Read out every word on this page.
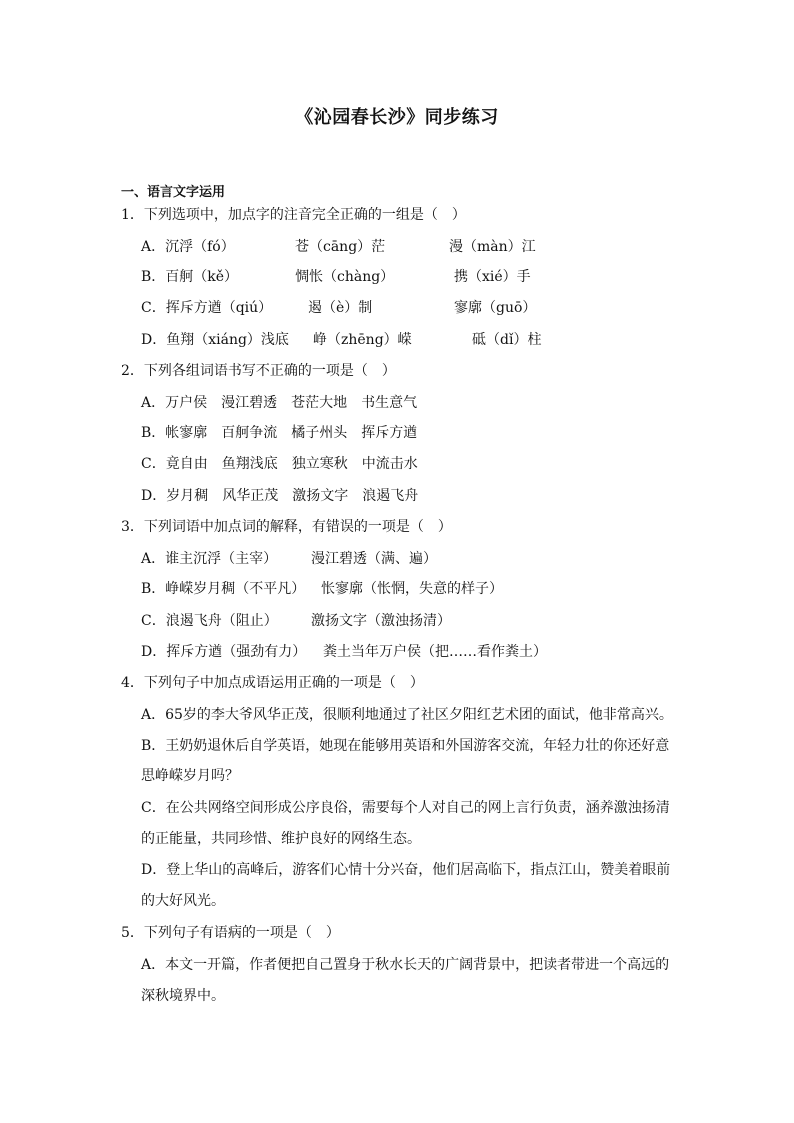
《沁园春长沙》同步练习
一、语言文字运用
1．下列选项中，加点字的注音完全正确的一组是（　）
A．沉浮（fó）	苍（cāng）茫	漫（màn）江
B．百舸（kě）	惆怅（chàng）	携（xié）手
C．挥斥方遒（qiú）	遏（è）制	寥廓（guō）
D．鱼翔（xiáng）浅底 峥（zhēng）嵘	砥（dǐ）柱
2．下列各组词语书写不正确的一项是（　）
A．万户侯　漫江碧透　苍茫大地　书生意气
B．帐寥廓　百舸争流　橘子州头　挥斥方遒
C．竟自由　鱼翔浅底　独立寒秋　中流击水
D．岁月稠　风华正茂　激扬文字　浪遏飞舟
3．下列词语中加点词的解释，有错误的一项是（　）
A．谁主沉浮（主宰） 漫江碧透（满、遍）
B．峥嵘岁月稠（不平凡） 怅寥廓（怅惘，失意的样子）
C．浪遏飞舟（阻止） 激扬文字（激浊扬清）
D．挥斥方遒（强劲有力） 粪土当年万户侯（把……看作粪土）
4．下列句子中加点成语运用正确的一项是（　）
A．65岁的李大爷风华正茂，很顺利地通过了社区夕阳红艺术团的面试，他非常高兴。
B．王奶奶退休后自学英语，她现在能够用英语和外国游客交流，年轻力壮的你还好意
思峥嵘岁月吗？
C．在公共网络空间形成公序良俗，需要每个人对自己的网上言行负责，涵养激浊扬清
的正能量，共同珍惜、维护良好的网络生态。
D．登上华山的高峰后，游客们心情十分兴奋，他们居高临下，指点江山，赞美着眼前
的大好风光。
5．下列句子有语病的一项是（　）
A．本文一开篇，作者便把自己置身于秋水长天的广阔背景中，把读者带进一个高远的
深秋境界中。
